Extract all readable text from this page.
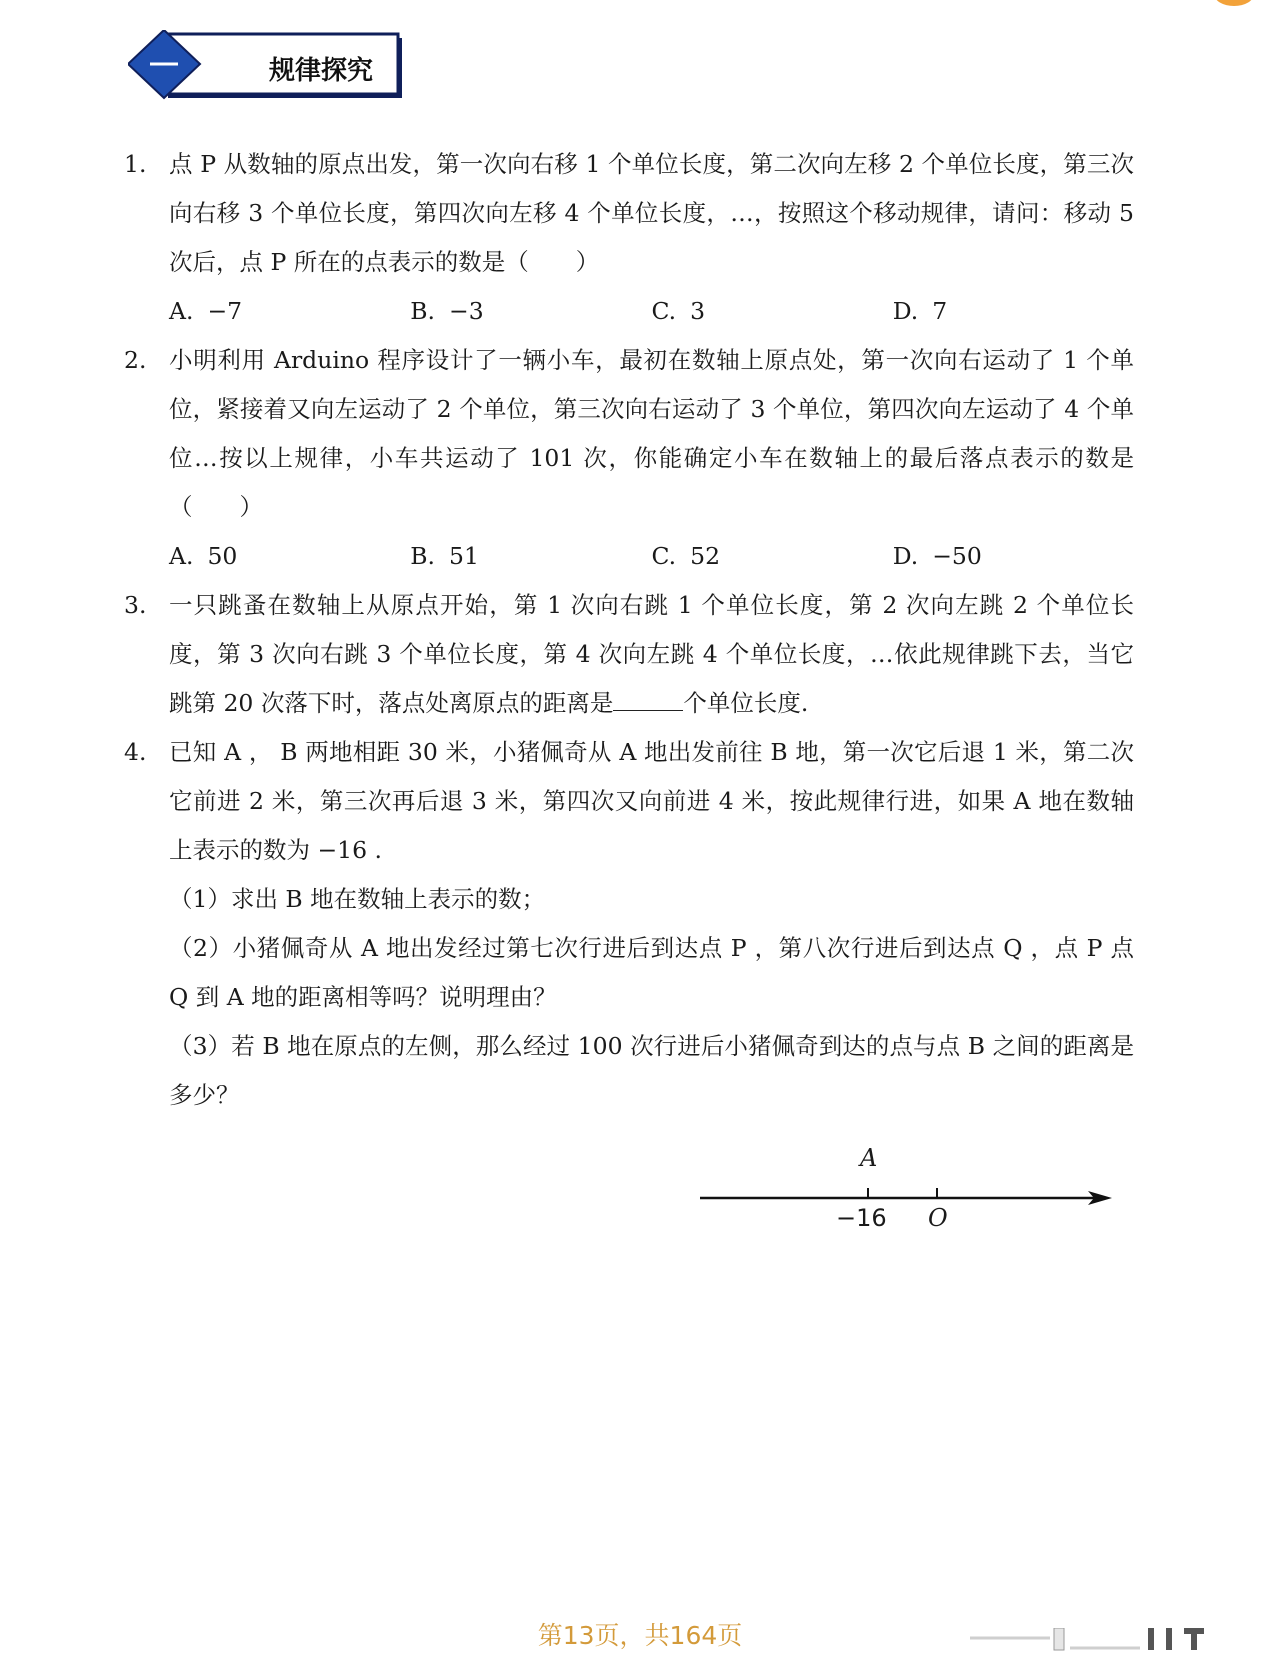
规律探究
1. 点 P 从数轴的原点出发，第一次向右移 1 个单位长度，第二次向左移 2 个单位长度，第三次向右移 3 个单位长度，第四次向左移 4 个单位长度，…，按照这个移动规律，请问：移动 5 次后，点 P 所在的点表示的数是（　　）
A. −7	B. −3	C. 3	D. 7
2. 小明利用 Arduino 程序设计了一辆小车，最初在数轴上原点处，第一次向右运动了 1 个单位，紧接着又向左运动了 2 个单位，第三次向右运动了 3 个单位，第四次向左运动了 4 个单位…按以上规律，小车共运动了 101 次，你能确定小车在数轴上的最后落点表示的数是（　　）
A. 50	B. 51	C. 52	D. −50
3. 一只跳蚤在数轴上从原点开始，第 1 次向右跳 1 个单位长度，第 2 次向左跳 2 个单位长度，第 3 次向右跳 3 个单位长度，第 4 次向左跳 4 个单位长度，…依此规律跳下去，当它跳第 20 次落下时，落点处离原点的距离是	个单位长度.
4. 已知 A ， B 两地相距 30 米，小猪佩奇从 A 地出发前往 B 地，第一次它后退 1 米，第二次它前进 2 米，第三次再后退 3 米，第四次又向前进 4 米，按此规律行进，如果 A 地在数轴上表示的数为 −16 .
（1）求出 B 地在数轴上表示的数；
（2）小猪佩奇从 A 地出发经过第七次行进后到达点 P ，第八次行进后到达点 Q ，点 P 点 Q 到 A 地的距离相等吗？说明理由？
（3）若 B 地在原点的左侧，那么经过 100 次行进后小猪佩奇到达的点与点 B 之间的距离是多少？
A
−16 O
第13页，共164页
